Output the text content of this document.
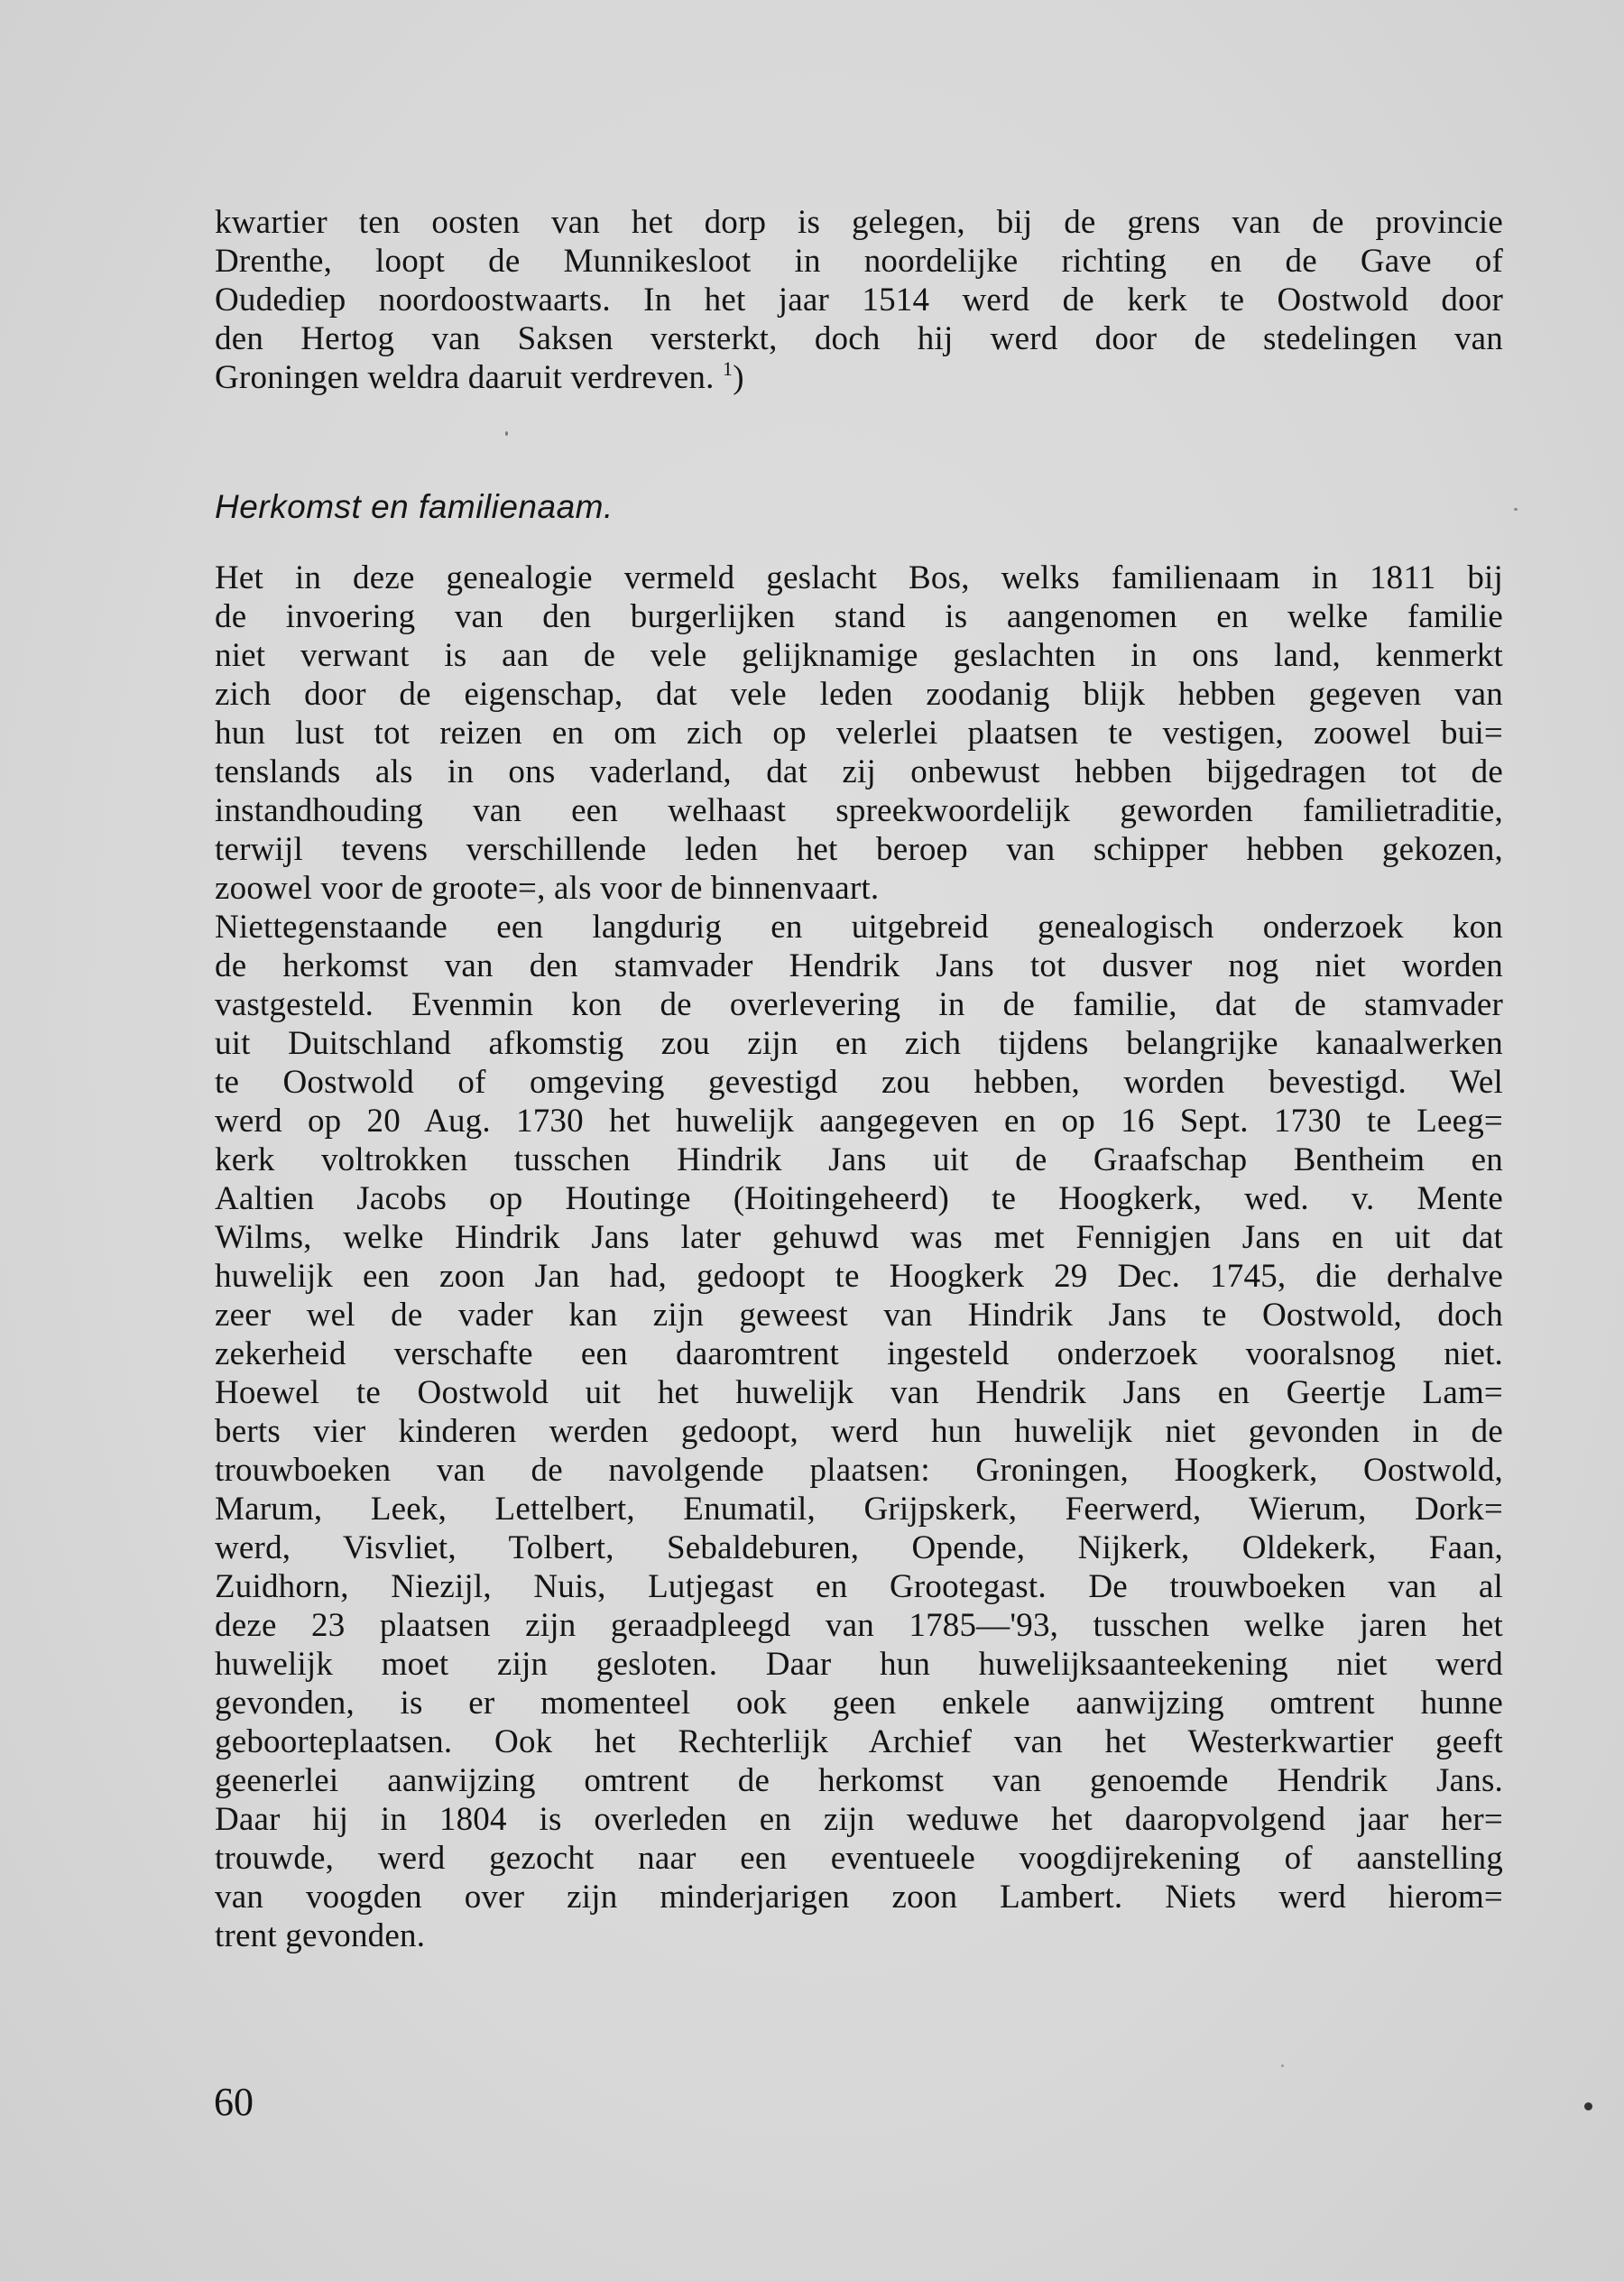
kwartier ten oosten van het dorp is gelegen, bij de grens van de provincie
Drenthe, loopt de Munnikesloot in noordelijke richting en de Gave of
Oudediep noordoostwaarts. In het jaar 1514 werd de kerk te Oostwold door
den Hertog van Saksen versterkt, doch hij werd door de stedelingen van
Groningen weldra daaruit verdreven. $^1$)
Herkomst en familienaam.
Het in deze genealogie vermeld geslacht Bos, welks familienaam in 1811 bij
de invoering van den burgerlijken stand is aangenomen en welke familie
niet verwant is aan de vele gelijknamige geslachten in ons land, kenmerkt
zich door de eigenschap, dat vele leden zoodanig blijk hebben gegeven van
hun lust tot reizen en om zich op velerlei plaatsen te vestigen, zoowel bui=
tenslands als in ons vaderland, dat zij onbewust hebben bijgedragen tot de
instandhouding van een welhaast spreekwoordelijk geworden familietraditie,
terwijl tevens verschillende leden het beroep van schipper hebben gekozen,
zoowel voor de groote=, als voor de binnenvaart.
Niettegenstaande een langdurig en uitgebreid genealogisch onderzoek kon
de herkomst van den stamvader Hendrik Jans tot dusver nog niet worden
vastgesteld. Evenmin kon de overlevering in de familie, dat de stamvader
uit Duitschland afkomstig zou zijn en zich tijdens belangrijke kanaalwerken
te Oostwold of omgeving gevestigd zou hebben, worden bevestigd. Wel
werd op 20 Aug. 1730 het huwelijk aangegeven en op 16 Sept. 1730 te Leeg=
kerk voltrokken tusschen Hindrik Jans uit de Graafschap Bentheim en
Aaltien Jacobs op Houtinge (Hoitingeheerd) te Hoogkerk, wed. v. Mente
Wilms, welke Hindrik Jans later gehuwd was met Fennigjen Jans en uit dat
huwelijk een zoon Jan had, gedoopt te Hoogkerk 29 Dec. 1745, die derhalve
zeer wel de vader kan zijn geweest van Hindrik Jans te Oostwold, doch
zekerheid verschafte een daaromtrent ingesteld onderzoek vooralsnog niet.
Hoewel te Oostwold uit het huwelijk van Hendrik Jans en Geertje Lam=
berts vier kinderen werden gedoopt, werd hun huwelijk niet gevonden in de
trouwboeken van de navolgende plaatsen: Groningen, Hoogkerk, Oostwold,
Marum, Leek, Lettelbert, Enumatil, Grijpskerk, Feerwerd, Wierum, Dork=
werd, Visvliet, Tolbert, Sebaldeburen, Opende, Nijkerk, Oldekerk, Faan,
Zuidhorn, Niezijl, Nuis, Lutjegast en Grootegast. De trouwboeken van al
deze 23 plaatsen zijn geraadpleegd van 1785—'93, tusschen welke jaren het
huwelijk moet zijn gesloten. Daar hun huwelijksaanteekening niet werd
gevonden, is er momenteel ook geen enkele aanwijzing omtrent hunne
geboorteplaatsen. Ook het Rechterlijk Archief van het Westerkwartier geeft
geenerlei aanwijzing omtrent de herkomst van genoemde Hendrik Jans.
Daar hij in 1804 is overleden en zijn weduwe het daaropvolgend jaar her=
trouwde, werd gezocht naar een eventueele voogdijrekening of aanstelling
van voogden over zijn minderjarigen zoon Lambert. Niets werd hierom=
trent gevonden.
60
